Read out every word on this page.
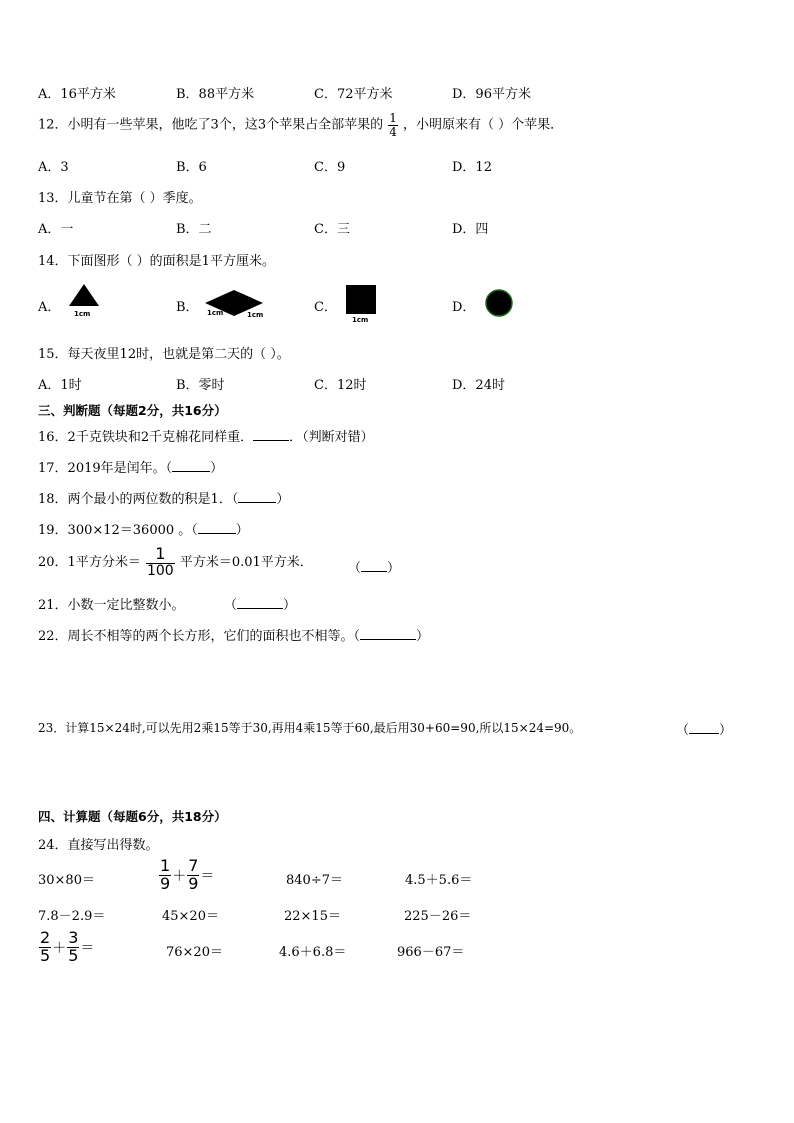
A．16平方米	B．88平方米	C．72平方米	D．96平方米
12．小明有一些苹果，他吃了3个，这3个苹果占全部苹果的 $\frac{1}{4}$ ，小明原来有（ ）个苹果．
A．3	B．6	C．9	D．12
13．儿童节在第（ ）季度。
A．一	B．二	C．三	D．四
14．下面图形（ ）的面积是1平方厘米。
A．	B．	C．	D．
1cm	1cm	1cm
1cm
15．每天夜里12时，也就是第二天的（ ）。
A．1时	B．零时	C．12时	D．24时
三、判断题（每题2分，共16分）
16．2千克铁块和2千克棉花同样重．	．（判断对错）
17．2019年是闰年。（	）
18．两个最小的两位数的积是1．（	）
19．300×12＝36000 。（	）
20．1平方分米＝ $\frac{1}{100}$ 平方米＝0.01平方米．	（ ）
21．小数一定比整数小。	（	）
22．周长不相等的两个长方形，它们的面积也不相等。（	）
23．计算15×24时,可以先用2乘15等于30,再用4乘15等于60,最后用30+60=90,所以15×24=90。	（ ）
四、计算题（每题6分，共18分）
24．直接写出得数。
30×80＝	$\frac{1}{9} + \frac{7}{9}$ ＝	840÷7＝	4.5＋5.6＝
7.8－2.9＝	45×20＝	22×15＝	225－26＝
$\frac{2}{5} + \frac{3}{5}$ ＝	76×20＝	4.6＋6.8＝	966－67＝
